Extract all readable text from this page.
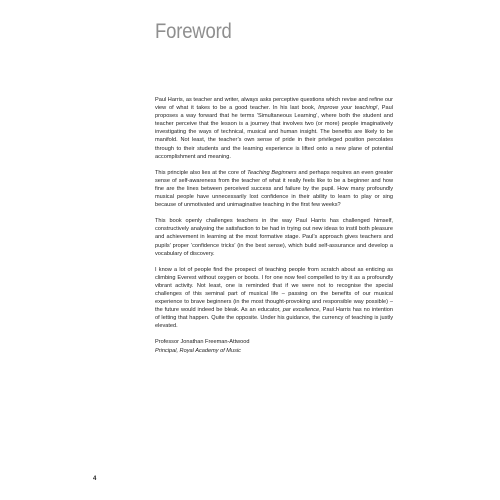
Foreword

Paul Harris, as teacher and writer, always asks perceptive questions which revise and refine our view of what it takes to be a good teacher. In his last book, Improve your teaching!, Paul proposes a way forward that he terms ‘Simultaneous Learning’, where both the student and teacher perceive that the lesson is a journey that involves two (or more) people imaginatively investigating the ways of technical, musical and human insight. The benefits are likely to be manifold. Not least, the teacher’s own sense of pride in their privileged position percolates through to their students and the learning experience is lifted onto a new plane of potential accomplishment and meaning.

This principle also lies at the core of Teaching Beginners and perhaps requires an even greater sense of self-awareness from the teacher of what it really feels like to be a beginner and how fine are the lines between perceived success and failure by the pupil. How many profoundly musical people have unnecessarily lost confidence in their ability to learn to play or sing because of unmotivated and unimaginative teaching in the first few weeks?

This book openly challenges teachers in the way Paul Harris has challenged himself, constructively analysing the satisfaction to be had in trying out new ideas to instil both pleasure and achievement in learning at the most formative stage. Paul’s approach gives teachers and pupils’ proper ‘confidence tricks’ (in the best sense), which build self-assurance and develop a vocabulary of discovery.

I know a lot of people find the prospect of teaching people from scratch about as enticing as climbing Everest without oxygen or boots. I for one now feel compelled to try it as a profoundly vibrant activity. Not least, one is reminded that if we were not to recognise the special challenges of this seminal part of musical life – passing on the benefits of our musical experience to brave beginners (in the most thought-provoking and responsible way possible) – the future would indeed be bleak. As an educator, par excellence, Paul Harris has no intention of letting that happen. Quite the opposite. Under his guidance, the currency of teaching is justly elevated.

Professor Jonathan Freeman-Attwood
Principal, Royal Academy of Music
4
